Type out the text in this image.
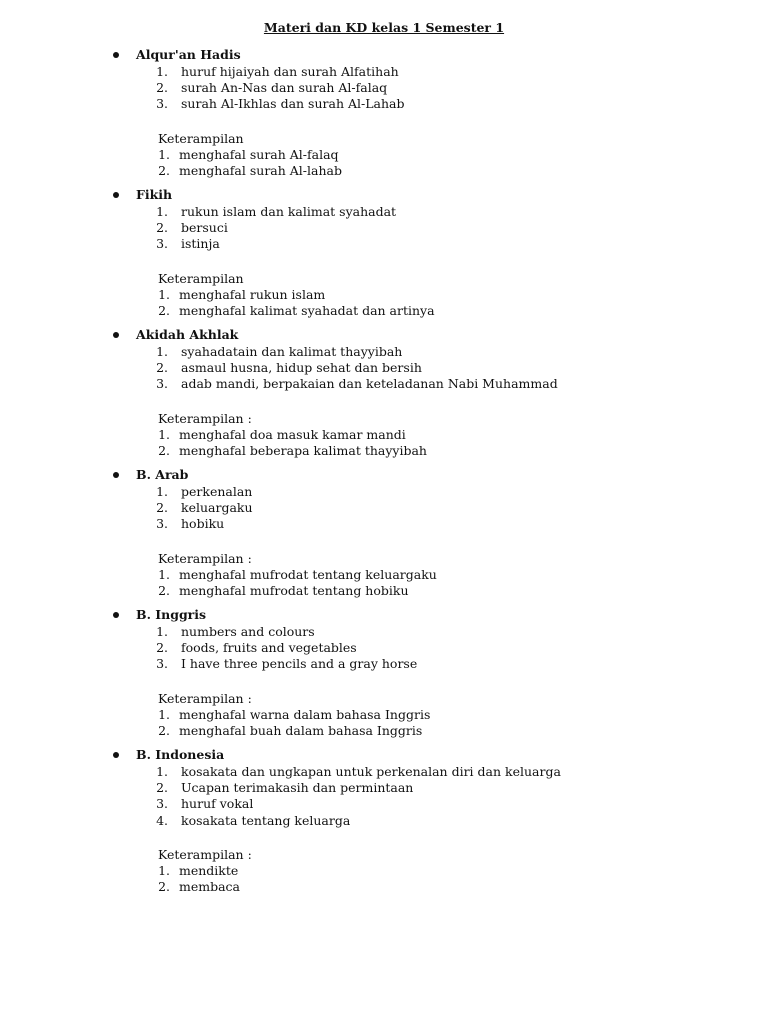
Materi dan KD kelas 1 Semester 1
Alqur'an Hadis
1. huruf hijaiyah dan surah Alfatihah
2. surah An-Nas dan surah Al-falaq
3. surah Al-Ikhlas dan surah Al-Lahab
Keterampilan
1. menghafal surah Al-falaq
2. menghafal surah Al-lahab
Fikih
1. rukun islam dan kalimat syahadat
2. bersuci
3. istinja
Keterampilan
1. menghafal rukun islam
2. menghafal kalimat syahadat dan artinya
Akidah Akhlak
1. syahadatain dan kalimat thayyibah
2. asmaul husna, hidup sehat dan bersih
3. adab mandi, berpakaian dan keteladanan Nabi Muhammad
Keterampilan :
1. menghafal doa masuk kamar mandi
2. menghafal beberapa kalimat thayyibah
B. Arab
1. perkenalan
2. keluargaku
3. hobiku
Keterampilan :
1. menghafal mufrodat tentang keluargaku
2. menghafal mufrodat tentang hobiku
B. Inggris
1. numbers and colours
2. foods, fruits and vegetables
3. I have three pencils and a gray horse
Keterampilan :
1. menghafal warna dalam bahasa Inggris
2. menghafal buah dalam bahasa Inggris
B. Indonesia
1. kosakata dan ungkapan untuk perkenalan diri dan keluarga
2. Ucapan terimakasih dan permintaan
3. huruf vokal
4. kosakata tentang keluarga
Keterampilan :
1. mendikte
2. membaca
